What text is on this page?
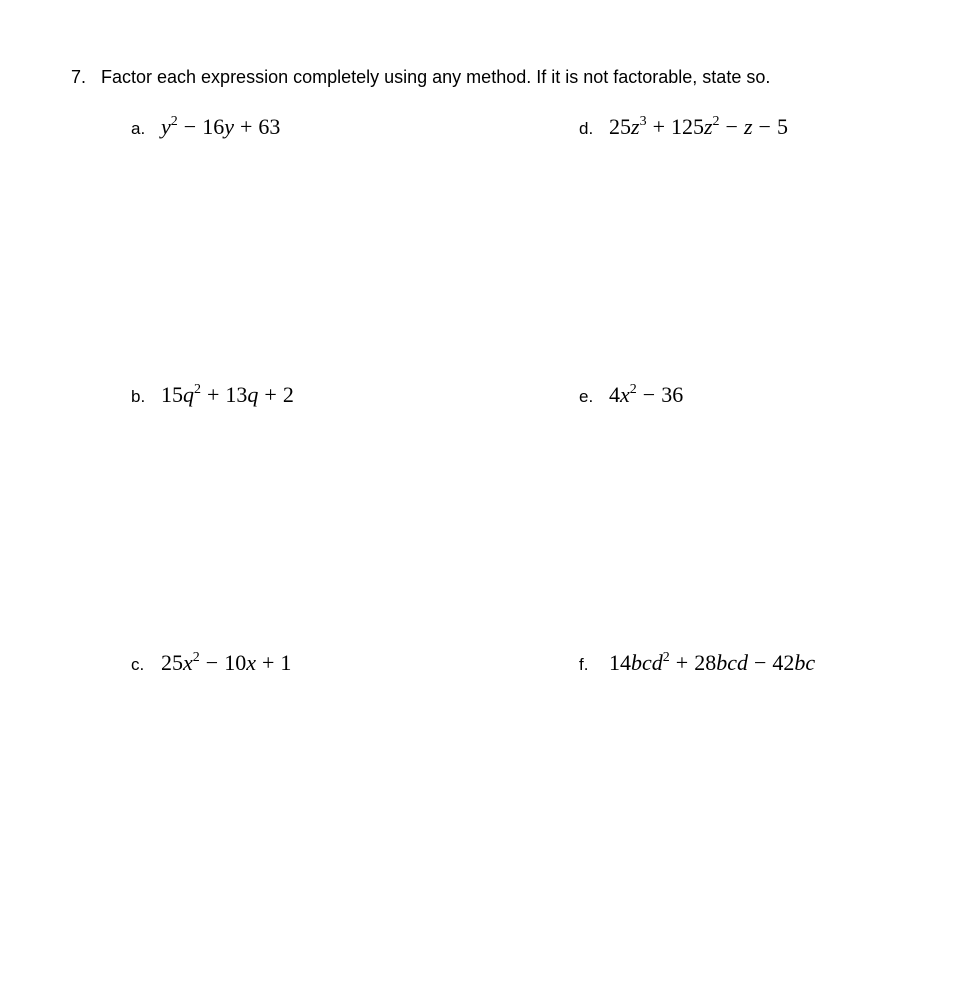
7. Factor each expression completely using any method. If it is not factorable, state so.
a. $y^2 - 16y + 63$
b. $15q^2 + 13q + 2$
c. $25x^2 - 10x + 1$
d. $25z^3 + 125z^2 - z - 5$
e. $4x^2 - 36$
f. 14bcd$^2$ + 28bcd − 42bc
